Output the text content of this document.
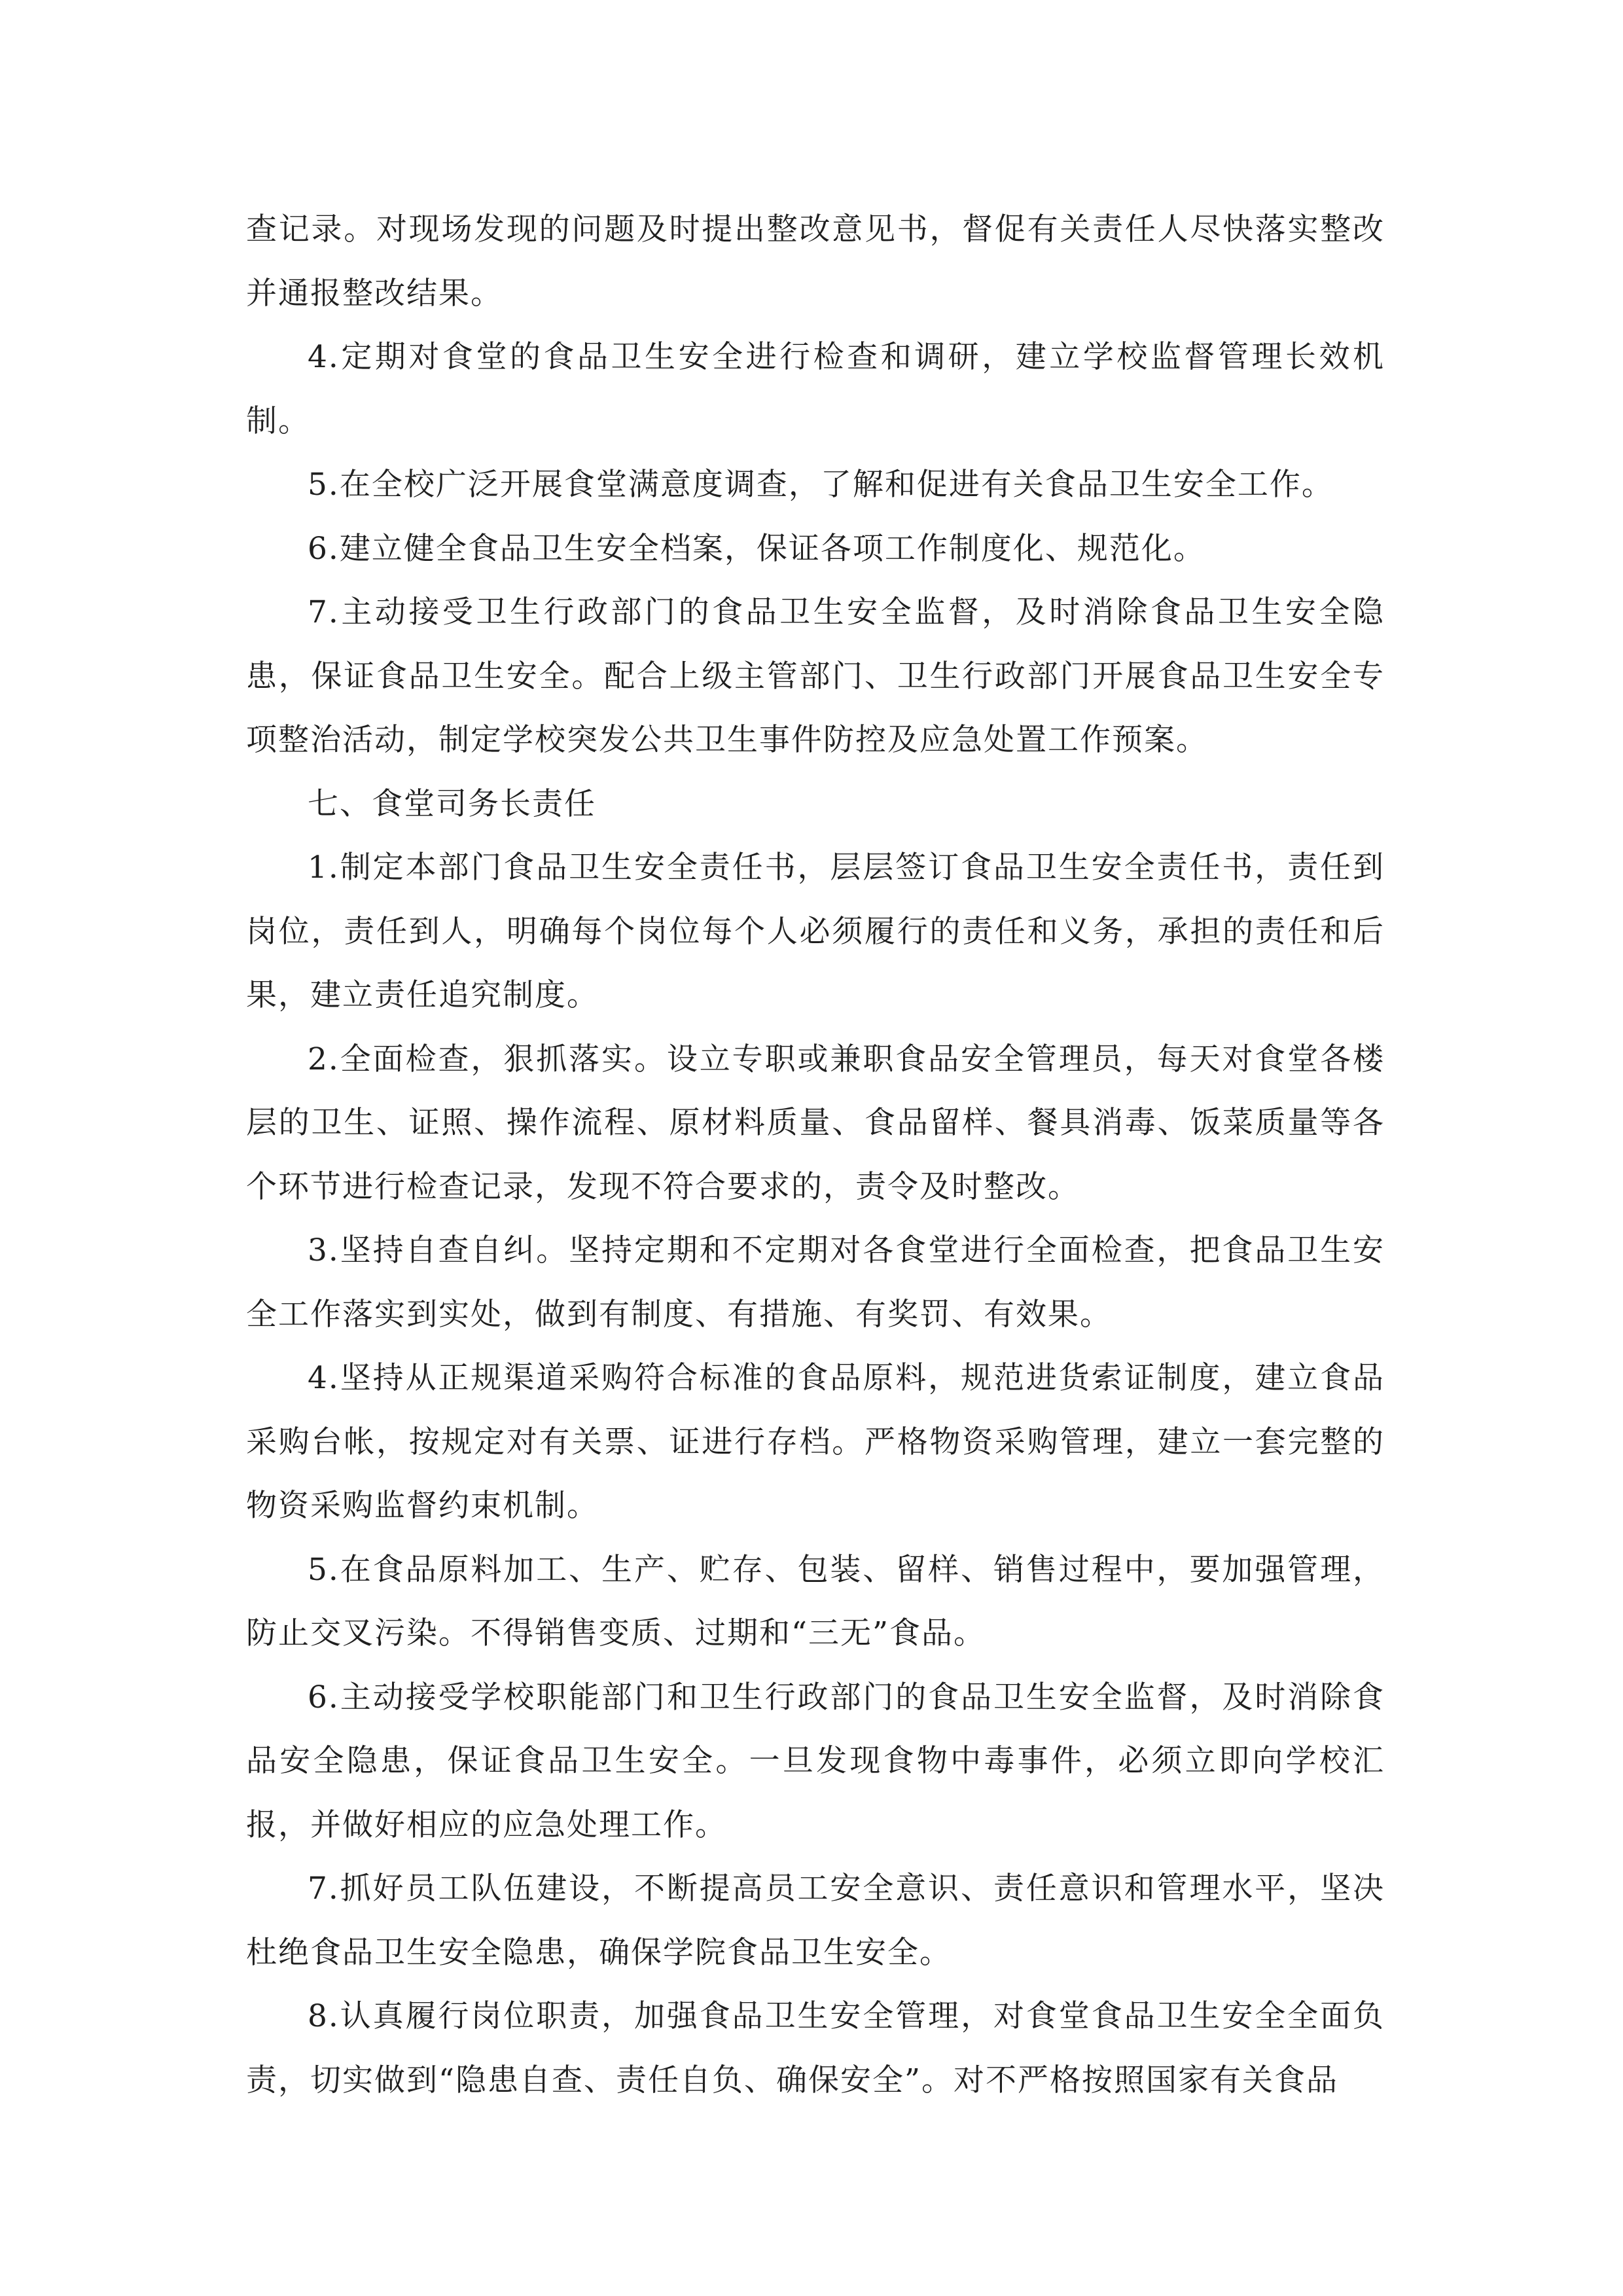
查记录。对现场发现的问题及时提出整改意见书，督促有关责任人尽快落实整改并通报整改结果。

4.定期对食堂的食品卫生安全进行检查和调研，建立学校监督管理长效机制。

5.在全校广泛开展食堂满意度调查，了解和促进有关食品卫生安全工作。

6.建立健全食品卫生安全档案，保证各项工作制度化、规范化。

7.主动接受卫生行政部门的食品卫生安全监督，及时消除食品卫生安全隐患，保证食品卫生安全。配合上级主管部门、卫生行政部门开展食品卫生安全专项整治活动，制定学校突发公共卫生事件防控及应急处置工作预案。

七、食堂司务长责任

1.制定本部门食品卫生安全责任书，层层签订食品卫生安全责任书，责任到岗位，责任到人，明确每个岗位每个人必须履行的责任和义务，承担的责任和后果，建立责任追究制度。

2.全面检查，狠抓落实。设立专职或兼职食品安全管理员，每天对食堂各楼层的卫生、证照、操作流程、原材料质量、食品留样、餐具消毒、饭菜质量等各个环节进行检查记录，发现不符合要求的，责令及时整改。

3.坚持自查自纠。坚持定期和不定期对各食堂进行全面检查，把食品卫生安全工作落实到实处，做到有制度、有措施、有奖罚、有效果。

4.坚持从正规渠道采购符合标准的食品原料，规范进货索证制度，建立食品采购台帐，按规定对有关票、证进行存档。严格物资采购管理，建立一套完整的物资采购监督约束机制。

5.在食品原料加工、生产、贮存、包装、留样、销售过程中，要加强管理，防止交叉污染。不得销售变质、过期和“三无”食品。

6.主动接受学校职能部门和卫生行政部门的食品卫生安全监督，及时消除食品安全隐患，保证食品卫生安全。一旦发现食物中毒事件，必须立即向学校汇报，并做好相应的应急处理工作。

7.抓好员工队伍建设，不断提高员工安全意识、责任意识和管理水平，坚决杜绝食品卫生安全隐患，确保学院食品卫生安全。

8.认真履行岗位职责，加强食品卫生安全管理，对食堂食品卫生安全全面负责，切实做到“隐患自查、责任自负、确保安全”。对不严格按照国家有关食品
